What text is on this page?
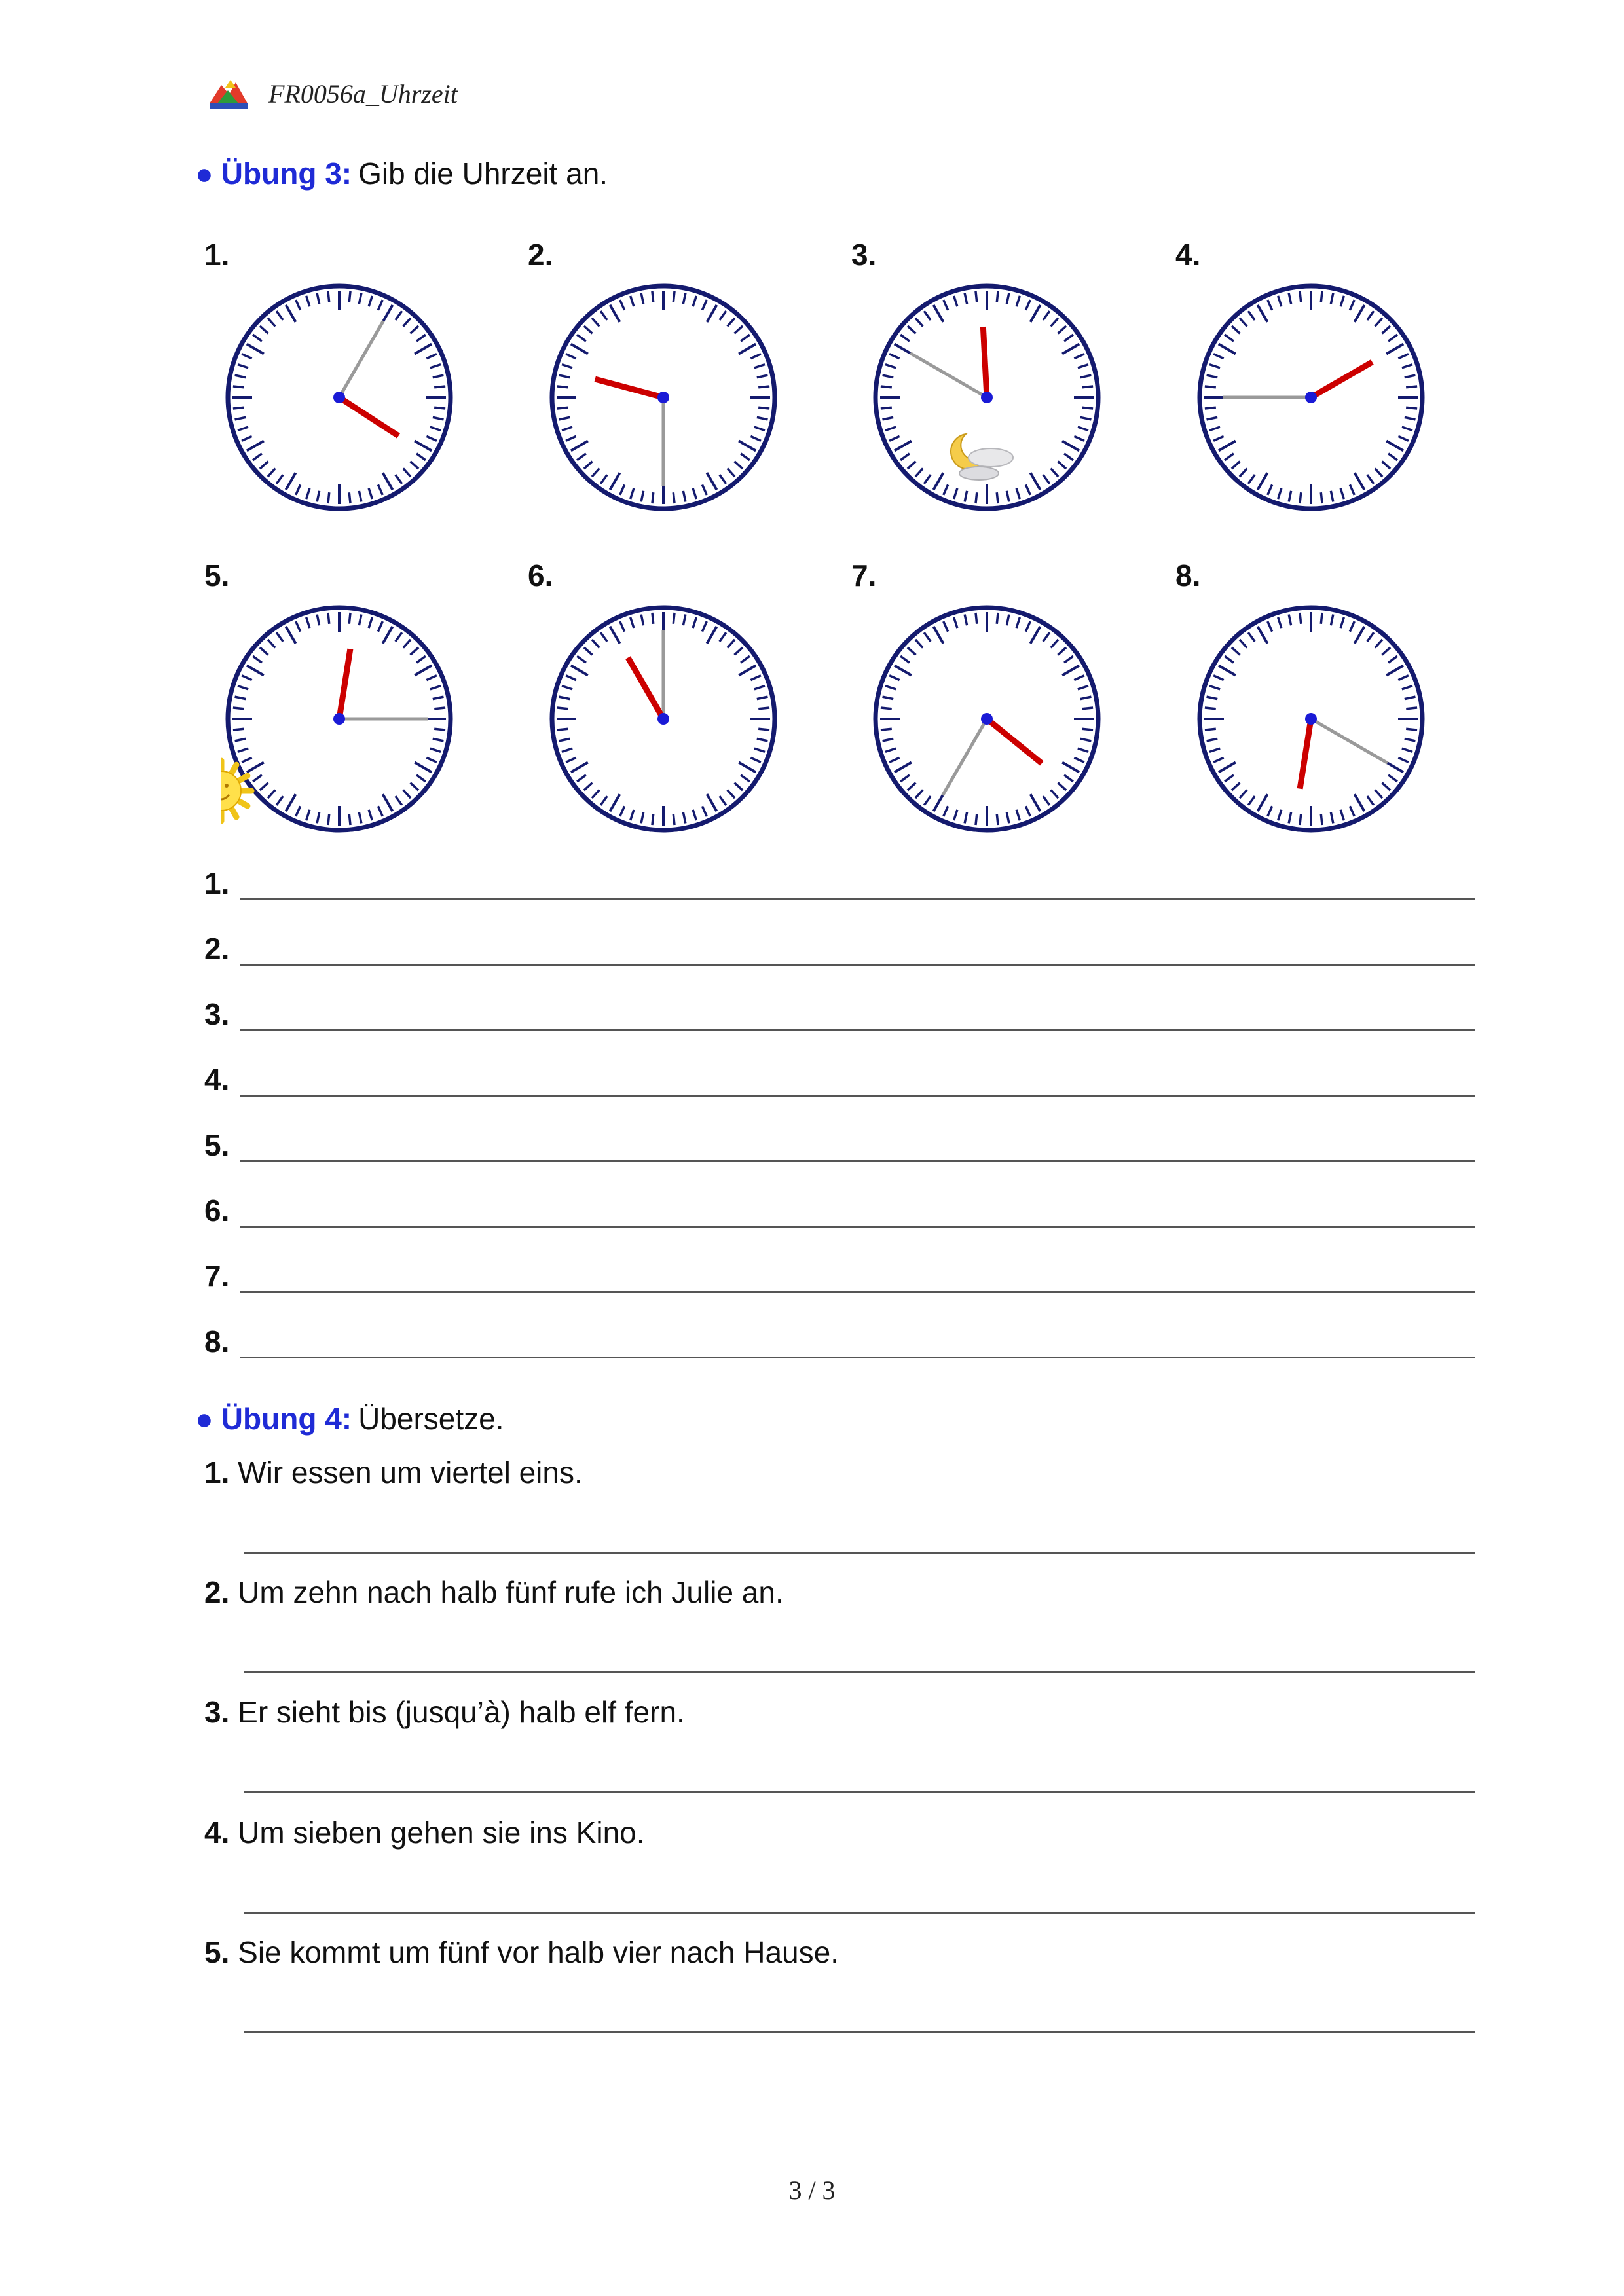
FR0056a_Uhrzeit
● Übung 3: Gib die Uhrzeit an.
1.	2.	3.	4.
5.	6.	7.	8.
1.
2.
3.
4.
5.
6.
7.
8.
● Übung 4: Übersetze.
1. Wir essen um viertel eins.
2. Um zehn nach halb fünf rufe ich Julie an.
3. Er sieht bis (jusqu’à) halb elf fern.
4. Um sieben gehen sie ins Kino.
5. Sie kommt um fünf vor halb vier nach Hause.
3 / 3
